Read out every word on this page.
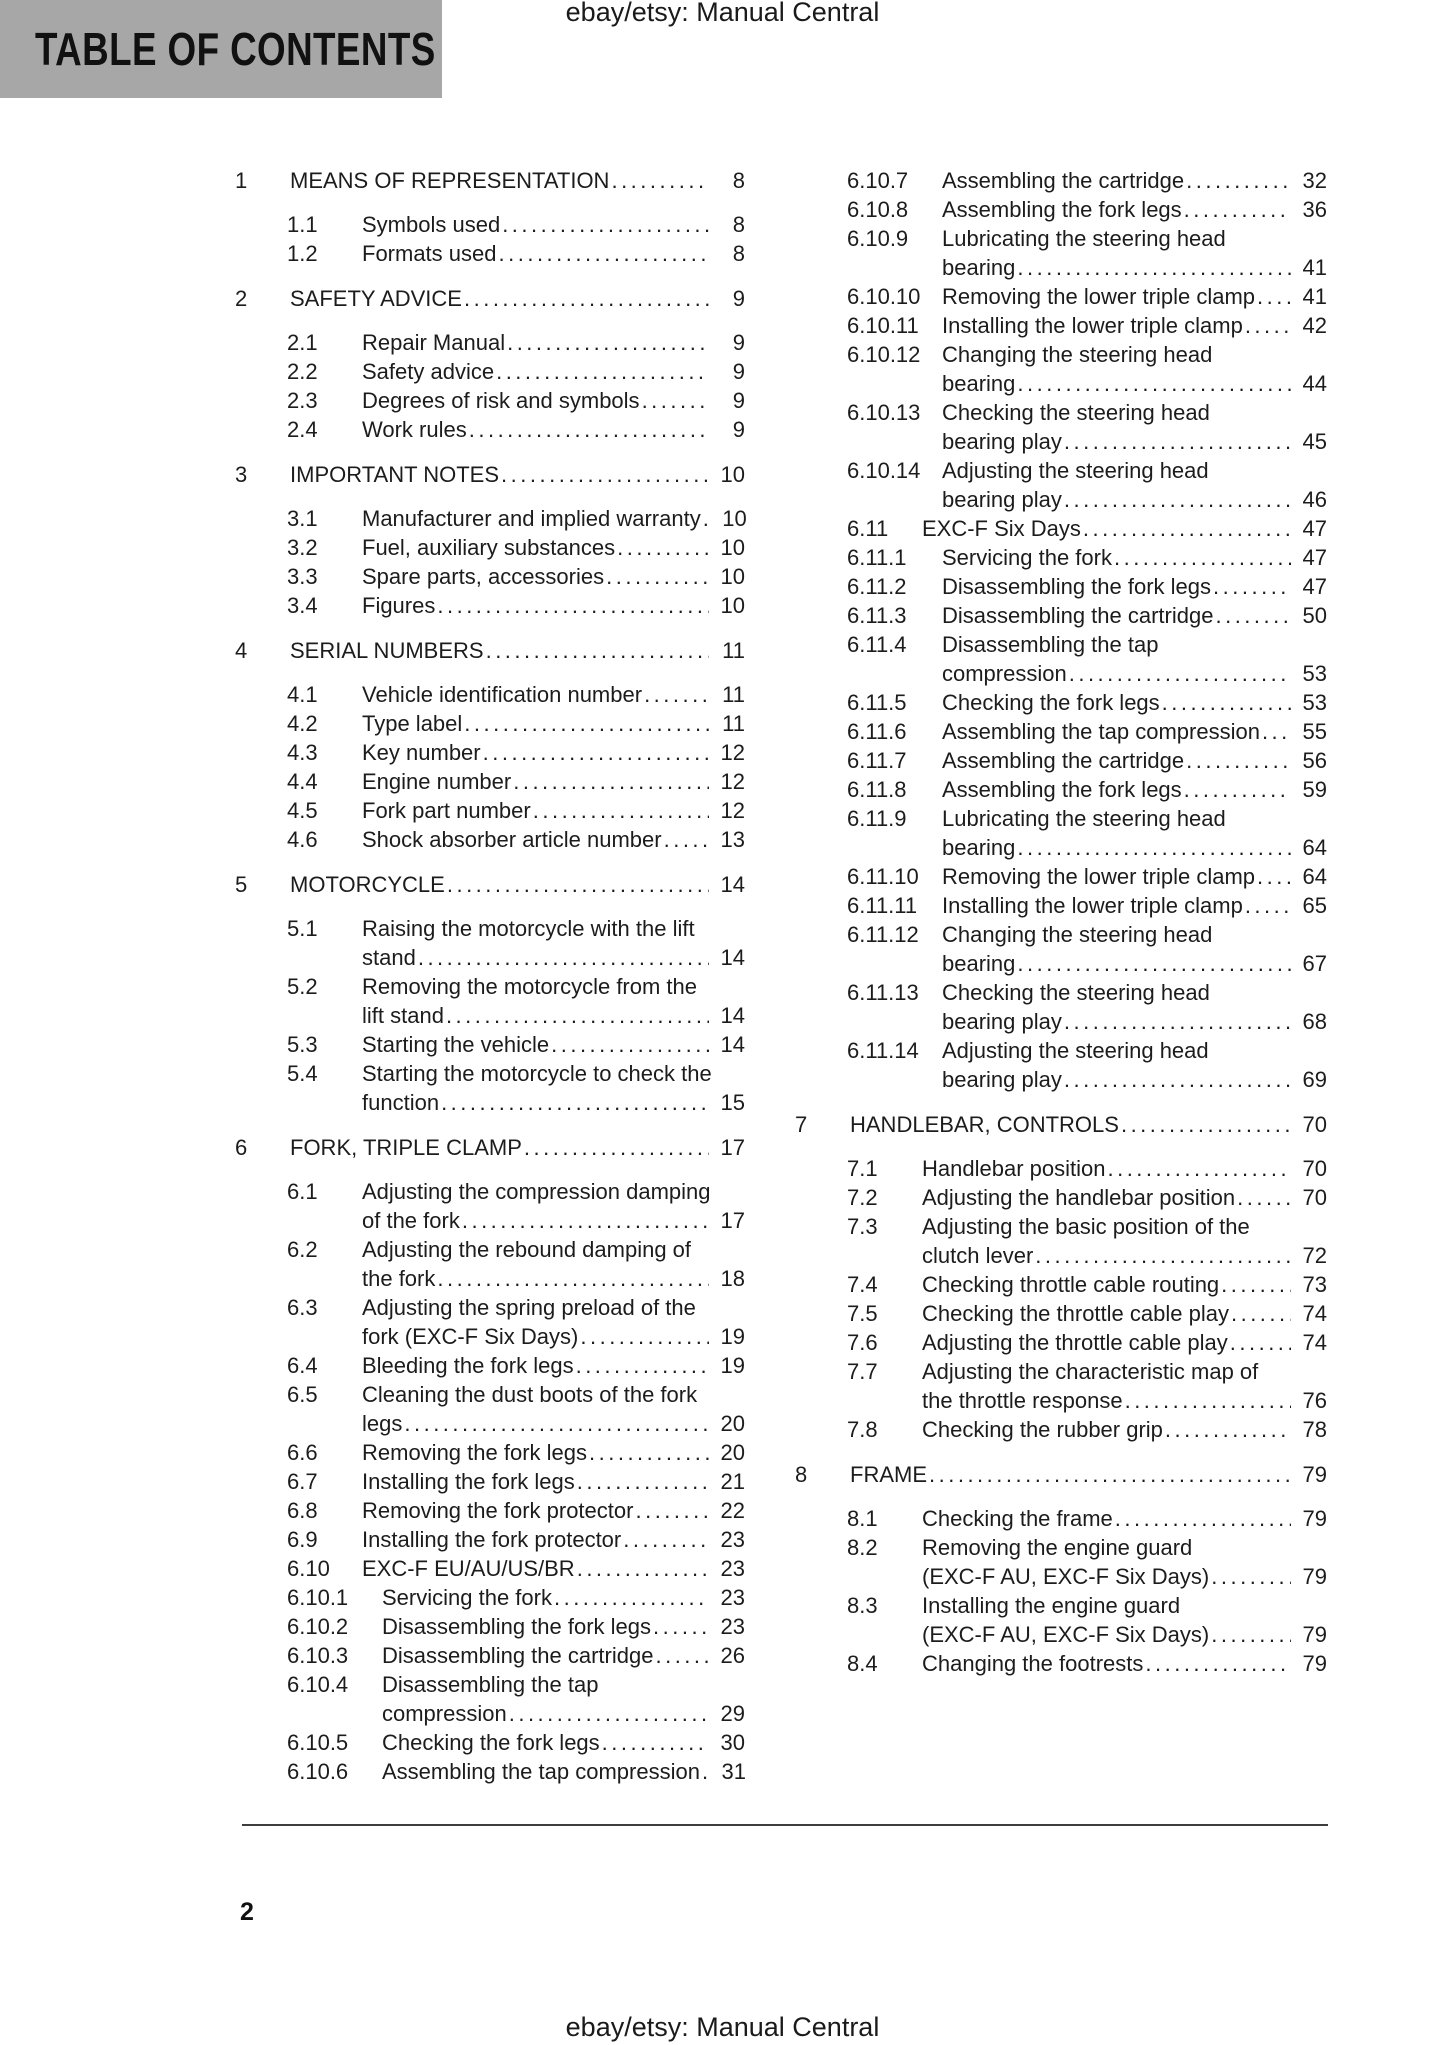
TABLE OF CONTENTS
ebay/etsy: Manual Central
1	MEANS OF REPRESENTATION .....	8
1.1	Symbols used .....	8
1.2	Formats used .....	8
2	SAFETY ADVICE .....	9
2.1	Repair Manual .....	9
2.2	Safety advice .....	9
2.3	Degrees of risk and symbols .....	9
2.4	Work rules .....	9
3	IMPORTANT NOTES .....	10
3.1	Manufacturer and implied warranty ..... 10
3.2	Fuel, auxiliary substances .....	10
3.3	Spare parts, accessories .....	10
3.4	Figures .....	10
4	SERIAL NUMBERS .....	11
4.1	Vehicle identification number .....	11
4.2	Type label .....	11
4.3	Key number .....	12
4.4	Engine number .....	12
4.5	Fork part number .....	12
4.6	Shock absorber article number .....	13
5	MOTORCYCLE .....	14
5.1	Raising the motorcycle with the lift
stand .....	14
5.2	Removing the motorcycle from the
lift stand .....	14
5.3	Starting the vehicle .....	14
5.4	Starting the motorcycle to check the
function .....	15
6	FORK, TRIPLE CLAMP .....	17
6.1	Adjusting the compression damping
of the fork .....	17
6.2	Adjusting the rebound damping of
the fork .....	18
6.3	Adjusting the spring preload of the
fork (EXC-F Six Days) .....	19
6.4	Bleeding the fork legs .....	19
6.5	Cleaning the dust boots of the fork
legs .....	20
6.6	Removing the fork legs .....	20
6.7	Installing the fork legs .....	21
6.8	Removing the fork protector .....	22
6.9	Installing the fork protector .....	23
6.10	EXC-F EU/AU/US/BR .....	23
6.10.1	Servicing the fork .....	23
6.10.2	Disassembling the fork legs .....	23
6.10.3	Disassembling the cartridge .....	26
6.10.4	Disassembling the tap
compression .....	29
6.10.5	Checking the fork legs .....	30
6.10.6	Assembling the tap compression ..... 31
6.10.7	Assembling the cartridge .....	32
6.10.8	Assembling the fork legs .....	36
6.10.9	Lubricating the steering head
bearing .....	41
6.10.10 Removing the lower triple clamp .....	41
6.10.11	Installing the lower triple clamp .....	42
6.10.12 Changing the steering head
bearing .....	44
6.10.13 Checking the steering head
bearing play .....	45
6.10.14 Adjusting the steering head
bearing play .....	46
6.11	EXC-F Six Days .....	47
6.11.1	Servicing the fork .....	47
6.11.2	Disassembling the fork legs .....	47
6.11.3	Disassembling the cartridge .....	50
6.11.4	Disassembling the tap
compression .....	53
6.11.5	Checking the fork legs .....	53
6.11.6	Assembling the tap compression .....	55
6.11.7	Assembling the cartridge .....	56
6.11.8	Assembling the fork legs .....	59
6.11.9	Lubricating the steering head
bearing .....	64
6.11.10	Removing the lower triple clamp .....	64
6.11.11	Installing the lower triple clamp .....	65
6.11.12	Changing the steering head
bearing .....	67
6.11.13	Checking the steering head
bearing play .....	68
6.11.14	Adjusting the steering head
bearing play .....	69
7	HANDLEBAR, CONTROLS .....	70
7.1	Handlebar position .....	70
7.2	Adjusting the handlebar position .....	70
7.3	Adjusting the basic position of the
clutch lever .....	72
7.4	Checking throttle cable routing .....	73
7.5	Checking the throttle cable play .....	74
7.6	Adjusting the throttle cable play .....	74
7.7	Adjusting the characteristic map of
the throttle response .....	76
7.8	Checking the rubber grip .....	78
8	FRAME .....	79
8.1	Checking the frame .....	79
8.2	Removing the engine guard
(EXC-F AU, EXC-F Six Days) .....	79
8.3	Installing the engine guard
(EXC-F AU, EXC-F Six Days) .....	79
8.4	Changing the footrests .....	79
2
ebay/etsy: Manual Central
